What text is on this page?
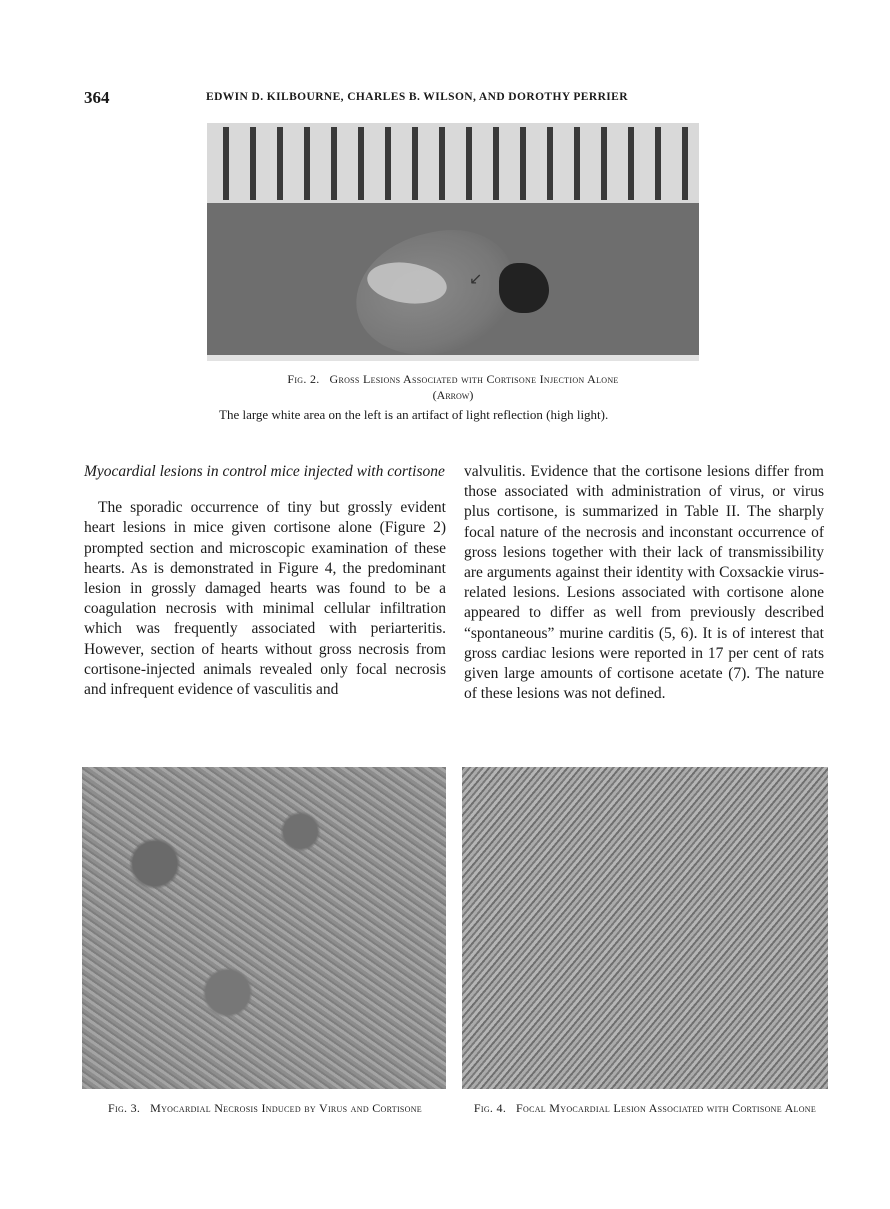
364	EDWIN D. KILBOURNE, CHARLES B. WILSON, AND DOROTHY PERRIER
↙
Fig. 2. Gross Lesions Associated with Cortisone Injection Alone
(Arrow)
The large white area on the left is an artifact of light reflection (high light).

Myocardial lesions in control mice injected with cortisone

The sporadic occurrence of tiny but grossly evident heart lesions in mice given cortisone alone (Figure 2) prompted section and microscopic examination of these hearts. As is demonstrated in Figure 4, the predominant lesion in grossly damaged hearts was found to be a coagulation necrosis with minimal cellular infiltration which was frequently associated with periarteritis. However, section of hearts without gross necrosis from cortisone-injected animals revealed only focal necrosis and infrequent evidence of vasculitis and

valvulitis. Evidence that the cortisone lesions differ from those associated with administration of virus, or virus plus cortisone, is summarized in Table II. The sharply focal nature of the necrosis and inconstant occurrence of gross lesions together with their lack of transmissibility are arguments against their identity with Coxsackie virus-related lesions. Lesions associated with cortisone alone appeared to differ as well from previously described “spontaneous” murine carditis (5, 6). It is of interest that gross cardiac lesions were reported in 17 per cent of rats given large amounts of cortisone acetate (7). The nature of these lesions was not defined.

Fig. 3. Myocardial Necrosis Induced by Virus and Cortisone	Fig. 4. Focal Myocardial Lesion Associated with Cortisone Alone
